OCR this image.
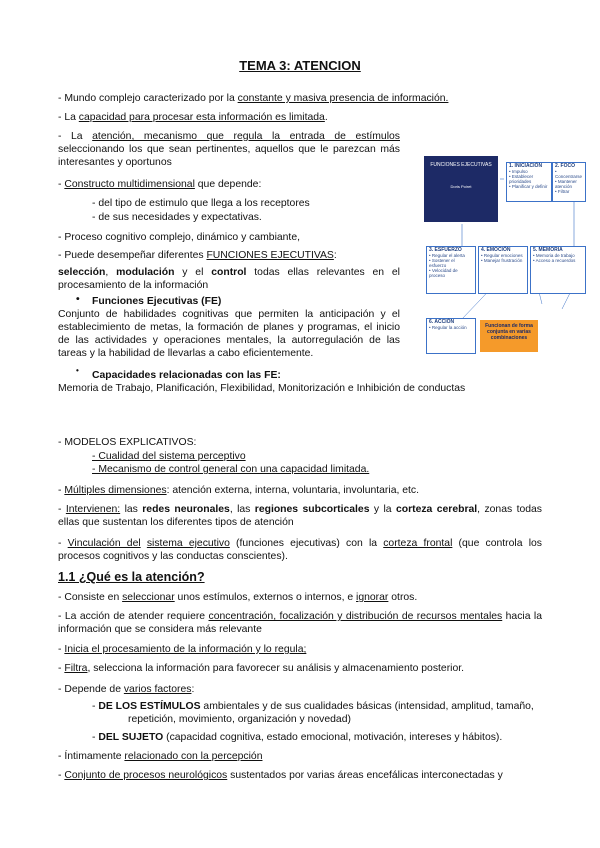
TEMA 3: ATENCION
- Mundo complejo caracterizado por la constante y masiva presencia de información.
- La capacidad para procesar esta información es limitada.
- La atención, mecanismo que regula la entrada de estímulos seleccionando los que sean pertinentes, aquellos que le parezcan más interesantes y oportunos
- Constructo multidimensional que depende:
- del tipo de estimulo que llega a los receptores
- de sus necesidades y expectativas.
- Proceso cognitivo complejo, dinámico y cambiante,
- Puede desempeñar diferentes FUNCIONES EJECUTIVAS:
selección, modulación y el control todas ellas relevantes en el procesamiento de la información
• Funciones Ejecutivas (FE)
Conjunto de habilidades cognitivas que permiten la anticipación y el establecimiento de metas, la formación de planes y programas, el inicio de las actividades y operaciones mentales, la autorregulación de las tareas y la habilidad de llevarlas a cabo eficientemente.
• Capacidades relacionadas con las FE:
Memoria de Trabajo, Planificación, Flexibilidad, Monitorización e Inhibición de conductas
FUNCIONES EJECUTIVAS
Doris Poiret
1. INICIACIÓN
• Impulso
• Establecer prioridades
• Planificar y definir
2. FOCO
• Concentrarse
• Mantener atención
• Filtrar
3. ESFUERZO
• Regular el alerta
• Sostener el esfuerzo
• Velocidad de proceso
4. EMOCIÓN
• Regular emociones
• Manejar frustración
5. MEMORIA
• Memoria de trabajo
• Acceso a recuerdos
6. ACCIÓN
• Regular la acción	Funcionan de forma conjunta en varias combinaciones
- MODELOS EXPLICATIVOS:
- Cualidad del sistema perceptivo
- Mecanismo de control general con una capacidad limitada.
- Múltiples dimensiones: atención externa, interna, voluntaria, involuntaria, etc.
- Intervienen: las redes neuronales, las regiones subcorticales y la corteza cerebral, zonas todas ellas que sustentan los diferentes tipos de atención
- Vinculación del sistema ejecutivo (funciones ejecutivas) con la corteza frontal (que controla los procesos cognitivos y las conductas conscientes).
1.1 ¿Qué es la atención?
- Consiste en seleccionar unos estímulos, externos o internos, e ignorar otros.
- La acción de atender requiere concentración, focalización y distribución de recursos mentales hacia la información que se considera más relevante
- Inicia el procesamiento de la información y lo regula;
- Filtra, selecciona la información para favorecer su análisis y almacenamiento posterior.
- Depende de varios factores:
- DE LOS ESTÍMULOS ambientales y de sus cualidades básicas (intensidad, amplitud, tamaño,
repetición, movimiento, organización y novedad)
- DEL SUJETO (capacidad cognitiva, estado emocional, motivación, intereses y hábitos).
- Íntimamente relacionado con la percepción
- Conjunto de procesos neurológicos sustentados por varias áreas encefálicas interconectadas y
